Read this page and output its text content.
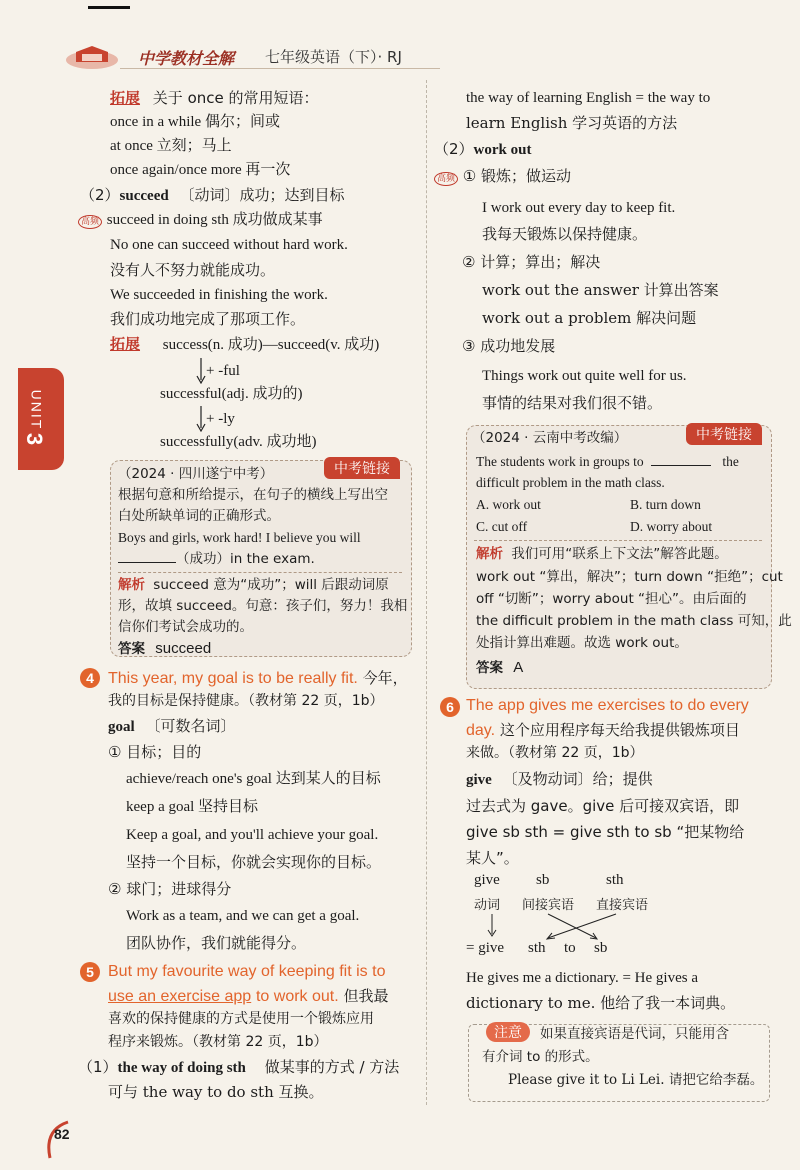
中学教材全解 七年级英语（下）· RJ
UNIT
3
拓展 关于 once 的常用短语：
once in a while 偶尔；间或
at once 立刻；马上
once again/once more 再一次
（2）succeed 〔动词〕成功；达到目标
高频 succeed in doing sth 成功做成某事
No one can succeed without hard work.
没有人不努力就能成功。
We succeeded in finishing the work.
我们成功地完成了那项工作。
拓展 success(n. 成功)—succeed(v. 成功)
+ -ful
successful(adj. 成功的)
+ -ly
successfully(adv. 成功地)
中考链接
（2024 · 四川遂宁中考）
根据句意和所给提示，在句子的横线上写出空
白处所缺单词的正确形式。
Boys and girls, work hard! I believe you will
（成功）in the exam.
解析 succeed 意为“成功”；will 后跟动词原
形，故填 succeed。句意：孩子们，努力！我相
信你们考试会成功的。
答案 succeed
4 This year, my goal is to be really fit. 今年，
我的目标是保持健康。（教材第 22 页，1b）
goal 〔可数名词〕
① 目标；目的
achieve/reach one's goal 达到某人的目标
keep a goal 坚持目标
Keep a goal, and you'll achieve your goal.
坚持一个目标，你就会实现你的目标。
② 球门；进球得分
Work as a team, and we can get a goal.
团队协作，我们就能得分。
5 But my favourite way of keeping fit is to
use an exercise app to work out. 但我最
喜欢的保持健康的方式是使用一个锻炼应用
程序来锻炼。（教材第 22 页，1b）
（1）the way of doing sth 做某事的方式 / 方法
可与 the way to do sth 互换。
82
the way of learning English = the way to
learn English 学习英语的方法
（2）work out
高频 ① 锻炼；做运动
I work out every day to keep fit.
我每天锻炼以保持健康。
② 计算；算出；解决
work out the answer 计算出答案
work out a problem 解决问题
③ 成功地发展
Things work out quite well for us.
事情的结果对我们很不错。
中考链接
（2024 · 云南中考改编）
The students work in groups to	the
difficult problem in the math class.
A. work out	B. turn down
C. cut off	D. worry about
解析 我们可用“联系上下文法”解答此题。
work out “算出，解决”；turn down “拒绝”；cut
off “切断”；worry about “担心”。由后面的
the difficult problem in the math class 可知，此
处指计算出难题。故选 work out。
答案 A
6 The app gives me exercises to do every
day. 这个应用程序每天给我提供锻炼项目
来做。（教材第 22 页，1b）
give 〔及物动词〕给；提供
过去式为 gave。give 后可接双宾语，即
give sb sth = give sth to sb “把某物给
某人”。
give sb	sth
动词 间接宾语 直接宾语
= give sth to sb
He gives me a dictionary. = He gives a
dictionary to me. 他给了我一本词典。
注意	如果直接宾语是代词，只能用含
有介词 to 的形式。
Please give it to Li Lei. 请把它给李磊。
